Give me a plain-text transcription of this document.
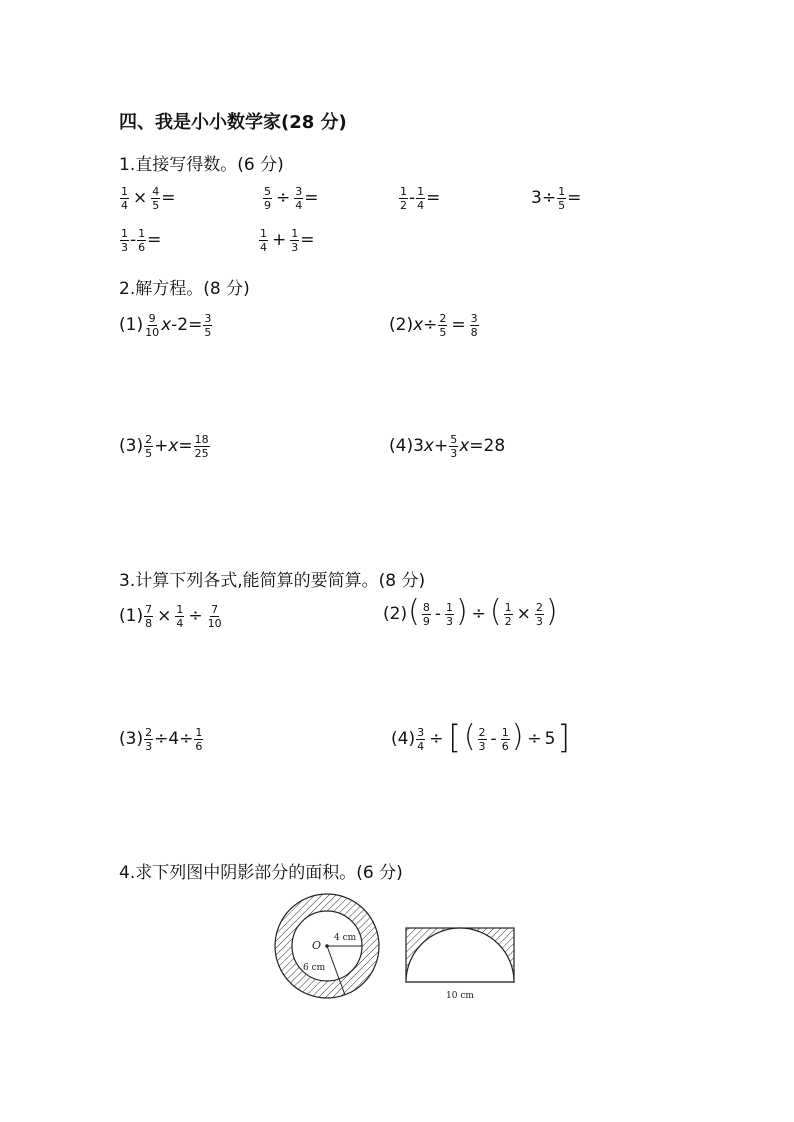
四、我是小小数学家(28 分)
1.直接写得数。(6 分)
$\frac{1}{4} \times \frac{4}{5}$ =	$\frac{5}{9} \div \frac{3}{4}$ =	$\frac{1}{2} - \frac{1}{4}$ =	$3 \div \frac{1}{5}$ =
$\frac{1}{3} - \frac{1}{6}$ =	$\frac{1}{4} + \frac{1}{3}$ =
2.解方程。(8 分)
$(1) \frac{9}{10}$ x $-2= \frac{3}{5}$	(2) $x \div \frac{2}{5} = \frac{3}{8}$
$(3) \frac{2}{5} + x = \frac{18}{25}$	(4) 3 $x + \frac{5}{3}$ x =28
3.计算下列各式,能简算的要简算。(8 分)
$(1) \frac{7}{8} \times \frac{1}{4} \div \frac{7}{10}$	(2) ( $\frac{8}{9} - \frac{1}{3}$ ) ÷ ( $\frac{1}{2} \times \frac{2}{3}$ )
$(3) \frac{2}{3} \div 4\div \frac{1}{6}$	$(4) \frac{3}{4}$ ÷ [ ( $\frac{2}{3} - \frac{1}{6}$ ) ÷ 5 ]
4.求下列图中阴影部分的面积。(6 分)
O
4 cm
6 cm
10 cm
